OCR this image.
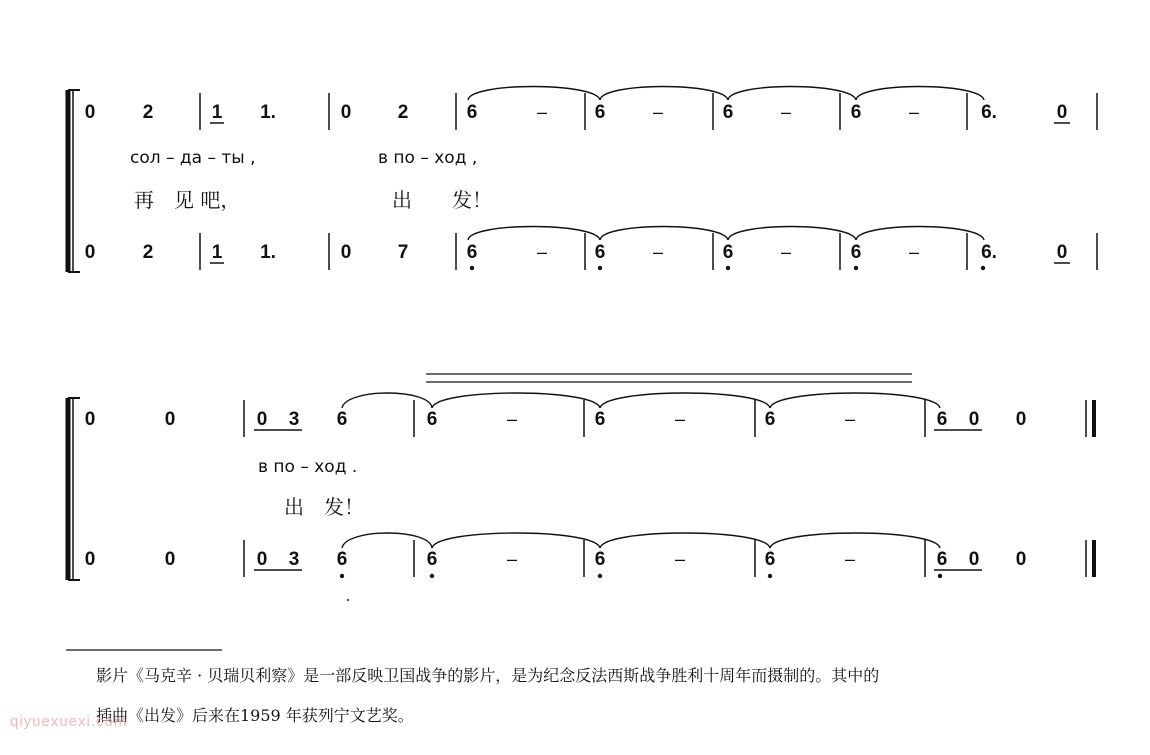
0 2	1 1.	0 2	6	–	6	–	6	–	6	–	6.	0
сол – да – ты ,	в по – ход ,
再　见 吧，	出　　发！
0 2	1 1.	0 7	6	–	6	–	6	–	6	–	6.	0
0	0	0 3 6	6	–	6	–	6	–	6 0 0
в по – ход .
出　发！
0	0	0 3 6	6	–	6	–	6	–	6 0 0
影片《马克辛 · 贝瑞贝利察》是一部反映卫国战争的影片，是为纪念反法西斯战争胜利十周年而摄制的。其中的
插曲《出发》后来在1959 年获列宁文艺奖。
qiyuexuexi.com
